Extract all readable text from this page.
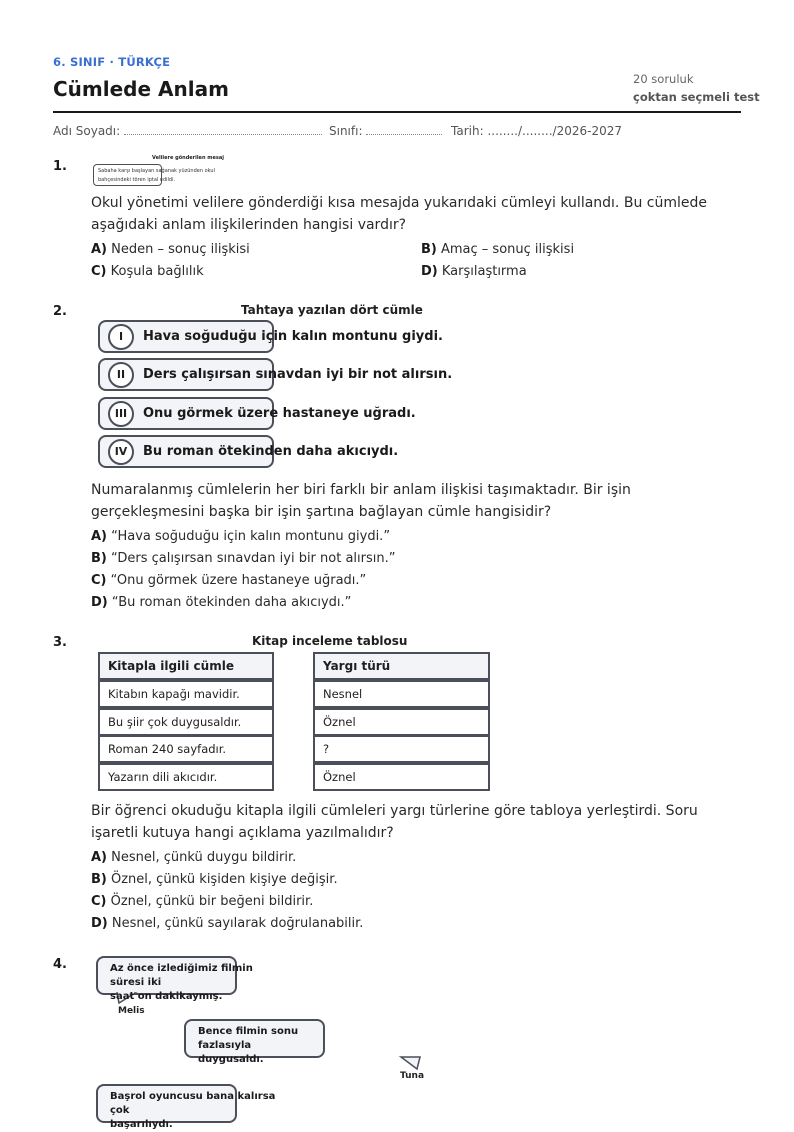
6. SINIF · TÜRKÇE
Cümlede Anlam	20 soruluk
çoktan seçmeli test
Adı Soyadı:	Sınıfı:	Tarih: ......../......../2026-2027
1.
Velilere gönderilen mesaj
Sabaha karşı başlayan sağanak yüzünden okul
bahçesindeki tören iptal edildi.
Okul yönetimi velilere gönderdiği kısa mesajda yukarıdaki cümleyi kullandı. Bu cümlede aşağıdaki anlam ilişkilerinden hangisi vardır?
A) Neden – sonuç ilişkisi	B) Amaç – sonuç ilişkisi
C) Koşula bağlılık	D) Karşılaştırma
2.	Tahtaya yazılan dört cümle
I	Hava soğuduğu için kalın montunu giydi.
II	Ders çalışırsan sınavdan iyi bir not alırsın.
III	Onu görmek üzere hastaneye uğradı.
IV	Bu roman ötekinden daha akıcıydı.
Numaralanmış cümlelerin her biri farklı bir anlam ilişkisi taşımaktadır. Bir işin gerçekleşmesini başka bir işin şartına bağlayan cümle hangisidir?
A) “Hava soğuduğu için kalın montunu giydi.”
B) “Ders çalışırsan sınavdan iyi bir not alırsın.”
C) “Onu görmek üzere hastaneye uğradı.”
D) “Bu roman ötekinden daha akıcıydı.”
3.	Kitap inceleme tablosu
Kitapla ilgili cümle	Yargı türü
Kitabın kapağı mavidir.	Nesnel
Bu şiir çok duygusaldır.	Öznel
Roman 240 sayfadır.	?
Yazarın dili akıcıdır.	Öznel
Bir öğrenci okuduğu kitapla ilgili cümleleri yargı türlerine göre tabloya yerleştirdi. Soru işaretli kutuya hangi açıklama yazılmalıdır?
A) Nesnel, çünkü duygu bildirir.
B) Öznel, çünkü kişiden kişiye değişir.
C) Öznel, çünkü bir beğeni bildirir.
D) Nesnel, çünkü sayılarak doğrulanabilir.
4.	Az önce izlediğimiz filmin süresi iki
saat on dakikaymış.
Melis
Bence filmin sonu fazlasıyla
duygusaldı.
Tuna
Başrol oyuncusu bana kalırsa çok
başarılıydı.
